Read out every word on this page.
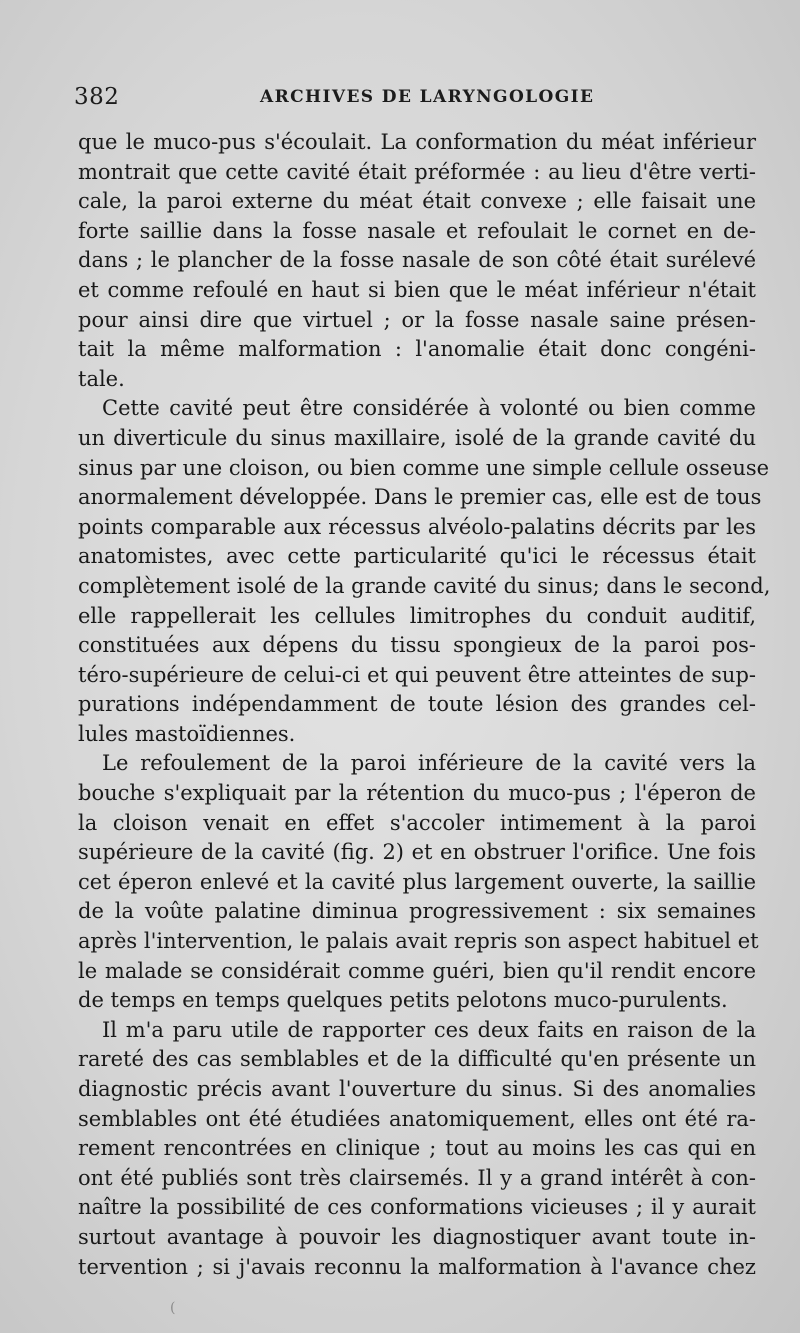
382	ARCHIVES DE LARYNGOLOGIE
que le muco-pus s'écoulait. La conformation du méat inférieur
montrait que cette cavité était préformée : au lieu d'être verti-
cale, la paroi externe du méat était convexe ; elle faisait une
forte saillie dans la fosse nasale et refoulait le cornet en de-
dans ; le plancher de la fosse nasale de son côté était surélevé
et comme refoulé en haut si bien que le méat inférieur n'était
pour ainsi dire que virtuel ; or la fosse nasale saine présen-
tait la même malformation : l'anomalie était donc congéni-
tale.
Cette cavité peut être considérée à volonté ou bien comme
un diverticule du sinus maxillaire, isolé de la grande cavité du
sinus par une cloison, ou bien comme une simple cellule osseuse
anormalement développée. Dans le premier cas, elle est de tous
points comparable aux récessus alvéolo-palatins décrits par les
anatomistes, avec cette particularité qu'ici le récessus était
complètement isolé de la grande cavité du sinus; dans le second,
elle rappellerait les cellules limitrophes du conduit auditif,
constituées aux dépens du tissu spongieux de la paroi pos-
téro-supérieure de celui-ci et qui peuvent être atteintes de sup-
purations indépendamment de toute lésion des grandes cel-
lules mastoïdiennes.
Le refoulement de la paroi inférieure de la cavité vers la
bouche s'expliquait par la rétention du muco-pus ; l'éperon de
la cloison venait en effet s'accoler intimement à la paroi
supérieure de la cavité (fig. 2) et en obstruer l'orifice. Une fois
cet éperon enlevé et la cavité plus largement ouverte, la saillie
de la voûte palatine diminua progressivement : six semaines
après l'intervention, le palais avait repris son aspect habituel et
le malade se considérait comme guéri, bien qu'il rendit encore
de temps en temps quelques petits pelotons muco-purulents.
Il m'a paru utile de rapporter ces deux faits en raison de la
rareté des cas semblables et de la difficulté qu'en présente un
diagnostic précis avant l'ouverture du sinus. Si des anomalies
semblables ont été étudiées anatomiquement, elles ont été ra-
rement rencontrées en clinique ; tout au moins les cas qui en
ont été publiés sont très clairsemés. Il y a grand intérêt à con-
naître la possibilité de ces conformations vicieuses ; il y aurait
surtout avantage à pouvoir les diagnostiquer avant toute in-
tervention ; si j'avais reconnu la malformation à l'avance chez
(
